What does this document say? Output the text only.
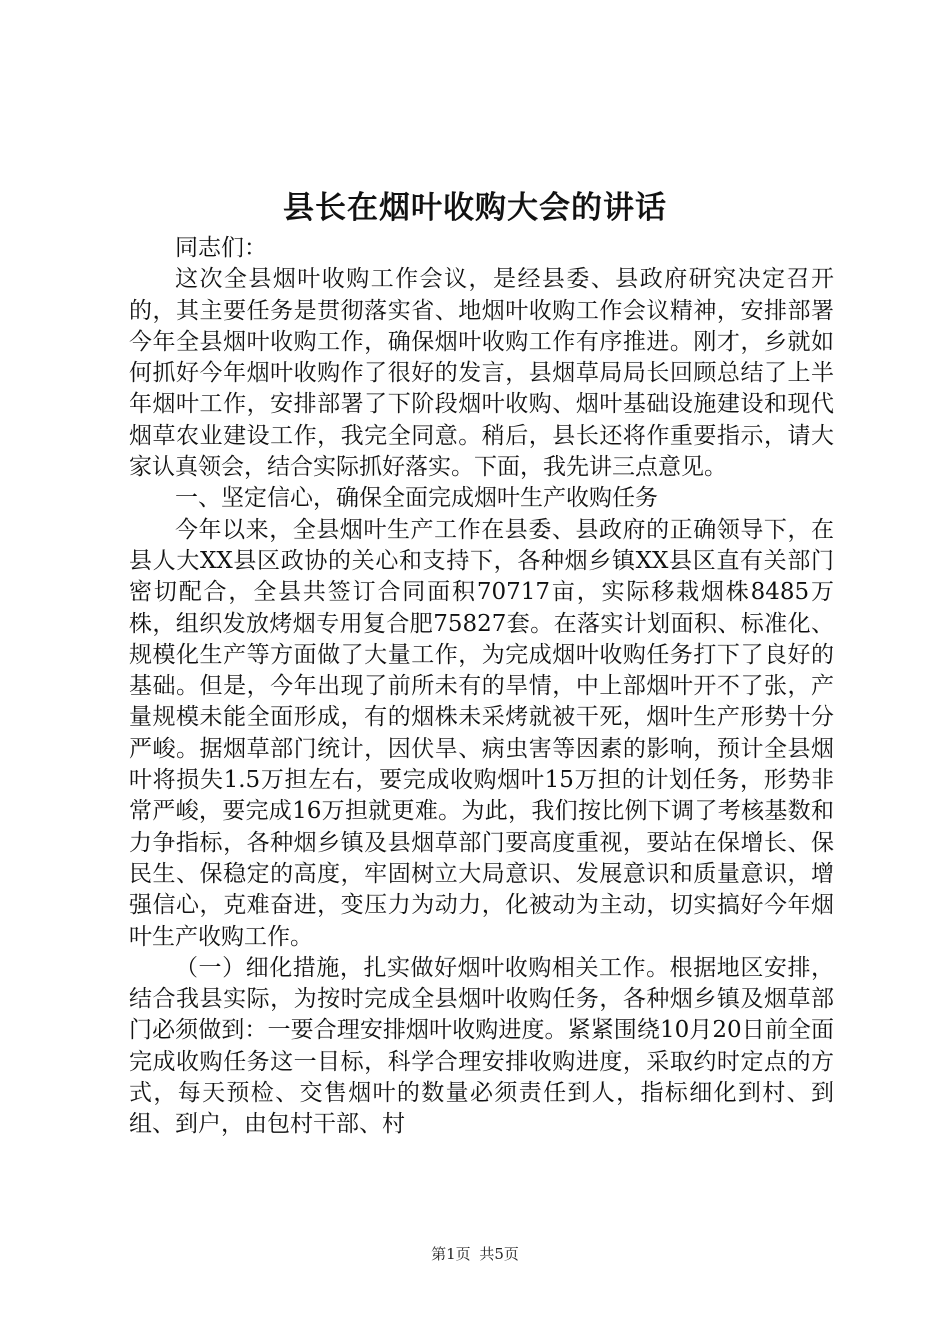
县长在烟叶收购大会的讲话

同志们：

这次全县烟叶收购工作会议，是经县委、县政府研究决定召开的，其主要任务是贯彻落实省、地烟叶收购工作会议精神，安排部署今年全县烟叶收购工作，确保烟叶收购工作有序推进。刚才，乡就如何抓好今年烟叶收购作了很好的发言，县烟草局局长回顾总结了上半年烟叶工作，安排部署了下阶段烟叶收购、烟叶基础设施建设和现代烟草农业建设工作，我完全同意。稍后，县长还将作重要指示，请大家认真领会，结合实际抓好落实。下面，我先讲三点意见。

一、坚定信心，确保全面完成烟叶生产收购任务

今年以来，全县烟叶生产工作在县委、县政府的正确领导下，在县人大XX县区政协的关心和支持下，各种烟乡镇XX县区直有关部门密切配合，全县共签订合同面积70717亩，实际移栽烟株8485万株，组织发放烤烟专用复合肥75827套。在落实计划面积、标准化、规模化生产等方面做了大量工作，为完成烟叶收购任务打下了良好的基础。但是，今年出现了前所未有的旱情，中上部烟叶开不了张，产量规模未能全面形成，有的烟株未采烤就被干死，烟叶生产形势十分严峻。据烟草部门统计，因伏旱、病虫害等因素的影响，预计全县烟叶将损失1.5万担左右，要完成收购烟叶15万担的计划任务，形势非常严峻，要完成16万担就更难。为此，我们按比例下调了考核基数和力争指标，各种烟乡镇及县烟草部门要高度重视，要站在保增长、保民生、保稳定的高度，牢固树立大局意识、发展意识和质量意识，增强信心，克难奋进，变压力为动力，化被动为主动，切实搞好今年烟叶生产收购工作。

（一）细化措施，扎实做好烟叶收购相关工作。根据地区安排，结合我县实际，为按时完成全县烟叶收购任务，各种烟乡镇及烟草部门必须做到：一要合理安排烟叶收购进度。紧紧围绕10月20日前全面完成收购任务这一目标，科学合理安排收购进度，采取约时定点的方式，每天预检、交售烟叶的数量必须责任到人，指标细化到村、到组、到户，由包村干部、村

第1页 共5页
